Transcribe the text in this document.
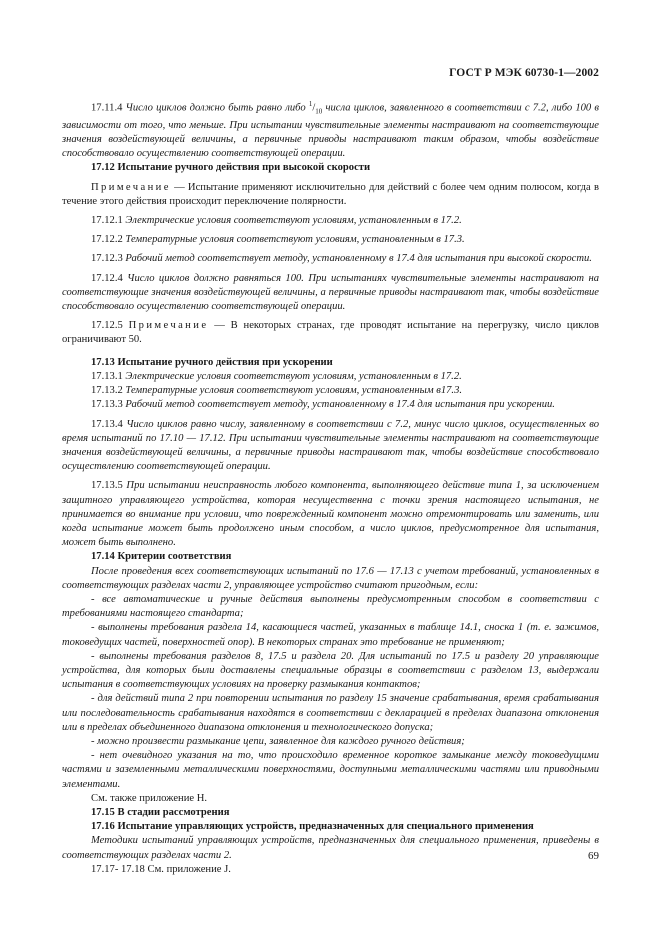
ГОСТ Р МЭК 60730-1—2002

17.11.4 Число циклов должно быть равно либо $^1/_{10}$ числа циклов, заявленного в соответствии с 7.2, либо 100 в зависимости от того, что меньше. При испытании чувствительные элементы настраивают на соответствующие значения воздействующей величины, а первичные приводы настраивают таким образом, чтобы воздействие способствовало осуществлению соответствующей операции.

17.12 Испытание ручного действия при высокой скорости

Примечание — Испытание применяют исключительно для действий с более чем одним полюсом, когда в течение этого действия происходит переключение полярности.

17.12.1 Электрические условия соответствуют условиям, установленным в 17.2.

17.12.2 Температурные условия соответствуют условиям, установленным в 17.3.

17.12.3 Рабочий метод соответствует методу, установленному в 17.4 для испытания при высокой скорости.

17.12.4 Число циклов должно равняться 100. При испытаниях чувствительные элементы настраивают на соответствующие значения воздействующей величины, а первичные приводы настраивают так, чтобы воздействие способствовало осуществлению соответствующей операции.

17.12.5 Примечание — В некоторых странах, где проводят испытание на перегрузку, число циклов ограничивают 50.

17.13 Испытание ручного действия при ускорении

17.13.1 Электрические условия соответствуют условиям, установленным в 17.2.

17.13.2 Температурные условия соответствуют условиям, установленным в17.3.

17.13.3 Рабочий метод соответствует методу, установленному в 17.4 для испытания при ускорении.

17.13.4 Число циклов равно числу, заявленному в соответствии с 7.2, минус число циклов, осуществленных во время испытаний по 17.10 — 17.12. При испытании чувствительные элементы настраивают на соответствующие значения воздействующей величины, а первичные приводы настраивают так, чтобы воздействие способствовало осуществлению соответствующей операции.

17.13.5 При испытании неисправность любого компонента, выполняющего действие типа 1, за исключением защитного управляющего устройства, которая несущественна с точки зрения настоящего испытания, не принимается во внимание при условии, что поврежденный компонент можно отремонтировать или заменить, или когда испытание может быть продолжено иным способом, а число циклов, предусмотренное для испытания, может быть выполнено.

17.14 Критерии соответствия

После проведения всех соответствующих испытаний по 17.6 — 17.13 с учетом требований, установленных в соответствующих разделах части 2, управляющее устройство считают пригодным, если:

- все автоматические и ручные действия выполнены предусмотренным способом в соответствии с требованиями настоящего стандарта;

- выполнены требования раздела 14, касающиеся частей, указанных в таблице 14.1, сноска 1 (т. е. зажимов, токоведущих частей, поверхностей опор). В некоторых странах это требование не применяют;

- выполнены требования разделов 8, 17.5 и раздела 20. Для испытаний по 17.5 и разделу 20 управляющие устройства, для которых были доставлены специальные образцы в соответствии с разделом 13, выдержали испытания в соответствующих условиях на проверку размыкания контактов;

- для действий типа 2 при повторении испытания по разделу 15 значение срабатывания, время срабатывания или последовательность срабатывания находятся в соответствии с декларацией в пределах диапазона отклонения или в пределах объединенного диапазона отклонения и технологического допуска;

- можно произвести размыкание цепи, заявленное для каждого ручного действия;

- нет очевидного указания на то, что происходило временное короткое замыкание между токоведущими частями и заземленными металлическими поверхностями, доступными металлическими частями или приводными элементами.

См. также приложение Н.

17.15 В стадии рассмотрения

17.16 Испытание управляющих устройств, предназначенных для специального применения

Методики испытаний управляющих устройств, предназначенных для специального применения, приведены в соответствующих разделах части 2.

17.17- 17.18 См. приложение J.

69
